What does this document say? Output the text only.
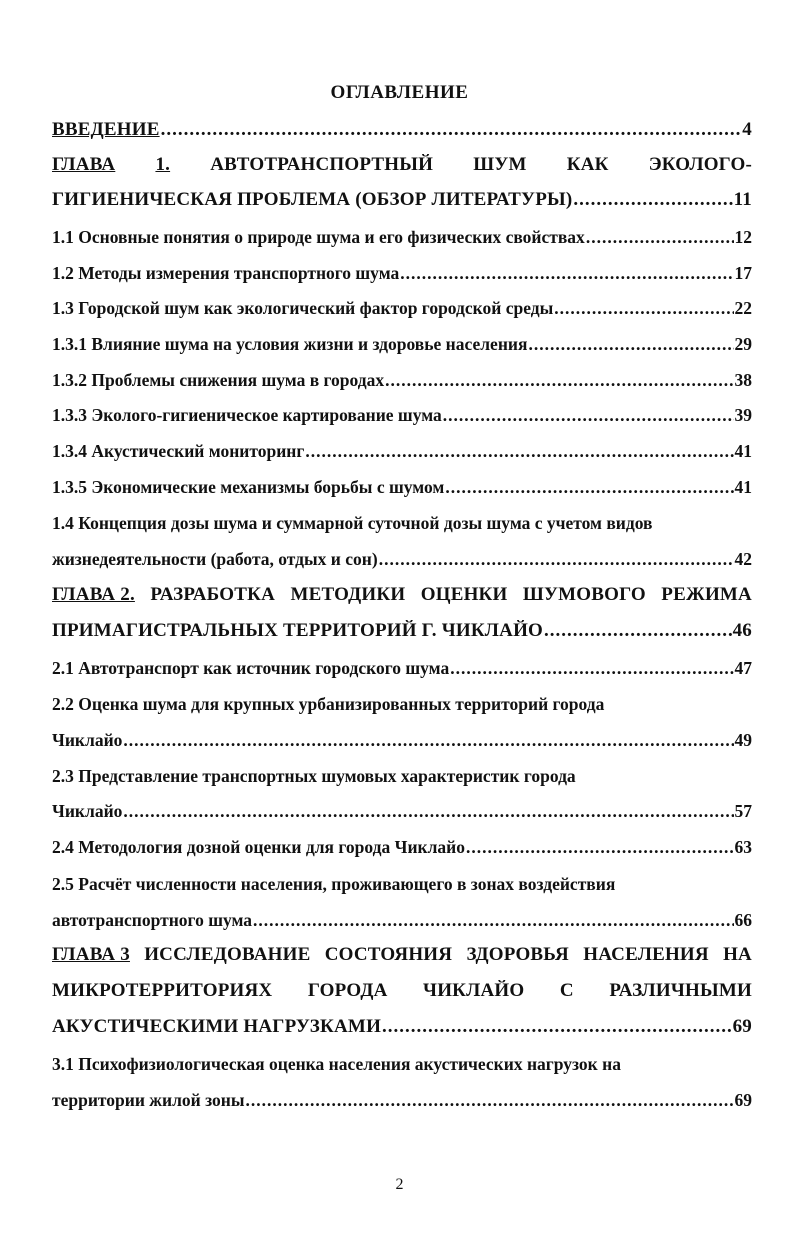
ОГЛАВЛЕНИЕ
ВВЕДЕНИЕ .....	4
ГЛАВА 1. АВТОТРАНСПОРТНЫЙ ШУМ КАК ЭКОЛОГО-
ГИГИЕНИЧЕСКАЯ ПРОБЛЕМА (ОБЗОР ЛИТЕРАТУРЫ) .....	11
1.1 Основные понятия о природе шума и его физических свойствах .....	12
1.2 Методы измерения транспортного шума .....	17
1.3 Городской шум как экологический фактор городской среды .....	22
1.3.1 Влияние шума на условия жизни и здоровье населения .....	29
1.3.2 Проблемы снижения шума в городах .....	38
1.3.3 Эколого-гигиеническое картирование шума .....	39
1.3.4 Акустический мониторинг .....	41
1.3.5 Экономические механизмы борьбы с шумом .....	41
1.4 Концепция дозы шума и суммарной суточной дозы шума с учетом видов
жизнедеятельности (работа, отдых и сон) .....	42
ГЛАВА 2. РАЗРАБОТКА МЕТОДИКИ ОЦЕНКИ ШУМОВОГО РЕЖИМА
ПРИМАГИСТРАЛЬНЫХ ТЕРРИТОРИЙ Г. ЧИКЛАЙО .....	46
2.1 Автотранспорт как источник городского шума .....	47
2.2 Оценка шума для крупных урбанизированных территорий города
Чиклайо .....	49
2.3 Представление транспортных шумовых характеристик города
Чиклайо .....	57
2.4 Методология дозной оценки для города Чиклайо .....	63
2.5 Расчёт численности населения, проживающего в зонах воздействия
автотранспортного шума .....	66
ГЛАВА 3 ИССЛЕДОВАНИЕ СОСТОЯНИЯ ЗДОРОВЬЯ НАСЕЛЕНИЯ НА
МИКРОТЕРРИТОРИЯХ ГОРОДА ЧИКЛАЙО С РАЗЛИЧНЫМИ
АКУСТИЧЕСКИМИ НАГРУЗКАМИ .....	69
3.1 Психофизиологическая оценка населения акустических нагрузок на
территории жилой зоны .....	69
2
